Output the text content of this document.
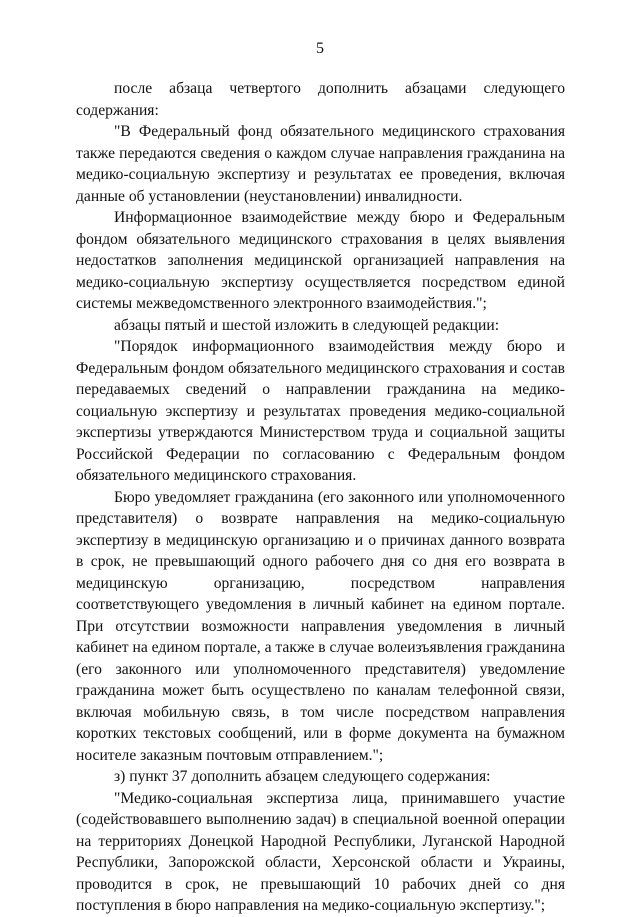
5

после абзаца четвертого дополнить абзацами следующего содержания:

"В Федеральный фонд обязательного медицинского страхования также передаются сведения о каждом случае направления гражданина на медико-социальную экспертизу и результатах ее проведения, включая данные об установлении (неустановлении) инвалидности.

Информационное взаимодействие между бюро и Федеральным фондом обязательного медицинского страхования в целях выявления недостатков заполнения медицинской организацией направления на медико-социальную экспертизу осуществляется посредством единой системы межведомственного электронного взаимодействия.";

абзацы пятый и шестой изложить в следующей редакции:

"Порядок информационного взаимодействия между бюро и Федеральным фондом обязательного медицинского страхования и состав передаваемых сведений о направлении гражданина на медико-социальную экспертизу и результатах проведения медико-социальной экспертизы утверждаются Министерством труда и социальной защиты Российской Федерации по согласованию с Федеральным фондом обязательного медицинского страхования.

Бюро уведомляет гражданина (его законного или уполномоченного представителя) о возврате направления на медико-социальную экспертизу в медицинскую организацию и о причинах данного возврата в срок, не превышающий одного рабочего дня со дня его возврата в медицинскую организацию, посредством направления соответствующего уведомления в личный кабинет на едином портале. При отсутствии возможности направления уведомления в личный кабинет на едином портале, а также в случае волеизъявления гражданина (его законного или уполномоченного представителя) уведомление гражданина может быть осуществлено по каналам телефонной связи, включая мобильную связь, в том числе посредством направления коротких текстовых сообщений, или в форме документа на бумажном носителе заказным почтовым отправлением.";

з) пункт 37 дополнить абзацем следующего содержания:

"Медико-социальная экспертиза лица, принимавшего участие (содействовавшего выполнению задач) в специальной военной операции на территориях Донецкой Народной Республики, Луганской Народной Республики, Запорожской области, Херсонской области и Украины, проводится в срок, не превышающий 10 рабочих дней со дня поступления в бюро направления на медико-социальную экспертизу.";
